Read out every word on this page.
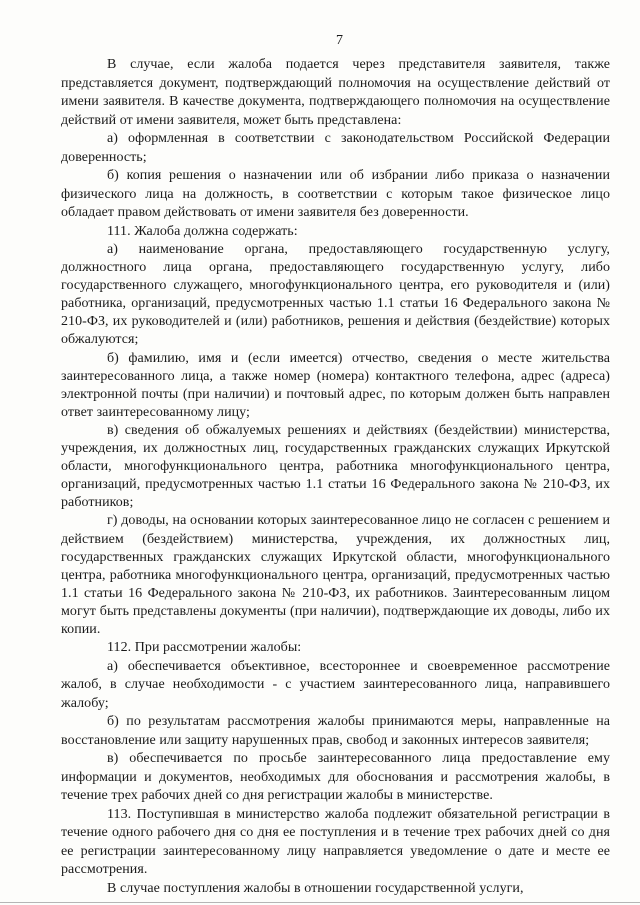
7

В случае, если жалоба подается через представителя заявителя, также представляется документ, подтверждающий полномочия на осуществление действий от имени заявителя. В качестве документа, подтверждающего полномочия на осуществление действий от имени заявителя, может быть представлена:

а) оформленная в соответствии с законодательством Российской Федерации доверенность;

б) копия решения о назначении или об избрании либо приказа о назначении физического лица на должность, в соответствии с которым такое физическое лицо обладает правом действовать от имени заявителя без доверенности.

111. Жалоба должна содержать:

а) наименование органа, предоставляющего государственную услугу, должностного лица органа, предоставляющего государственную услугу, либо государственного служащего, многофункционального центра, его руководителя и (или) работника, организаций, предусмотренных частью 1.1 статьи 16 Федерального закона № 210-ФЗ, их руководителей и (или) работников, решения и действия (бездействие) которых обжалуются;

б) фамилию, имя и (если имеется) отчество, сведения о месте жительства заинтересованного лица, а также номер (номера) контактного телефона, адрес (адреса) электронной почты (при наличии) и почтовый адрес, по которым должен быть направлен ответ заинтересованному лицу;

в) сведения об обжалуемых решениях и действиях (бездействии) министерства, учреждения, их должностных лиц, государственных гражданских служащих Иркутской области, многофункционального центра, работника многофункционального центра, организаций, предусмотренных частью 1.1 статьи 16 Федерального закона № 210-ФЗ, их работников;

г) доводы, на основании которых заинтересованное лицо не согласен с решением и действием (бездействием) министерства, учреждения, их должностных лиц, государственных гражданских служащих Иркутской области, многофункционального центра, работника многофункционального центра, организаций, предусмотренных частью 1.1 статьи 16 Федерального закона № 210-ФЗ, их работников. Заинтересованным лицом могут быть представлены документы (при наличии), подтверждающие их доводы, либо их копии.

112. При рассмотрении жалобы:

а) обеспечивается объективное, всестороннее и своевременное рассмотрение жалоб, в случае необходимости - с участием заинтересованного лица, направившего жалобу;

б) по результатам рассмотрения жалобы принимаются меры, направленные на восстановление или защиту нарушенных прав, свобод и законных интересов заявителя;

в) обеспечивается по просьбе заинтересованного лица предоставление ему информации и документов, необходимых для обоснования и рассмотрения жалобы, в течение трех рабочих дней со дня регистрации жалобы в министерстве.

113. Поступившая в министерство жалоба подлежит обязательной регистрации в течение одного рабочего дня со дня ее поступления и в течение трех рабочих дней со дня ее регистрации заинтересованному лицу направляется уведомление о дате и месте ее рассмотрения.

В случае поступления жалобы в отношении государственной услуги,
